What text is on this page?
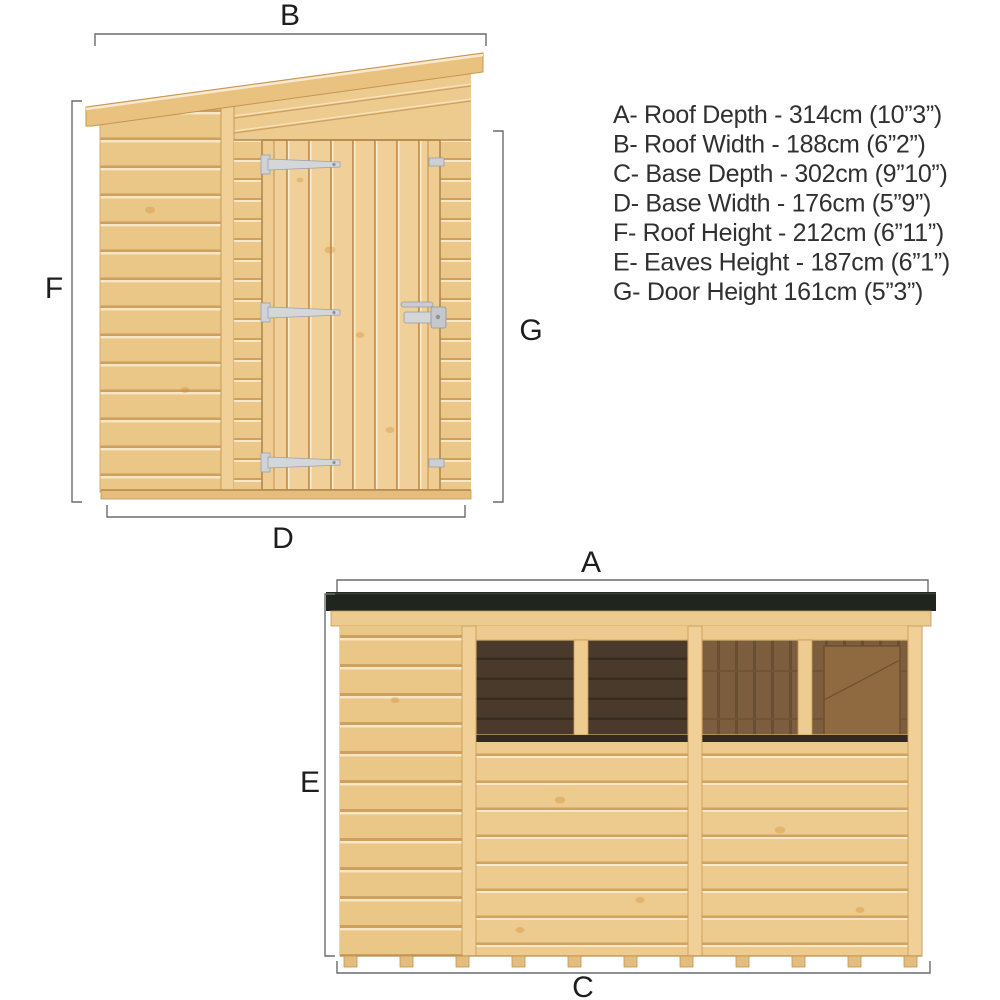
B
F
G
D
A
E
C
A- Roof Depth - 314cm (10”3”)
B- Roof Width - 188cm (6”2”)
C- Base Depth - 302cm (9”10”)
D- Base Width - 176cm (5”9”)
F- Roof Height - 212cm (6”11”)
E- Eaves Height - 187cm (6”1”)
G- Door Height 161cm (5”3”)
